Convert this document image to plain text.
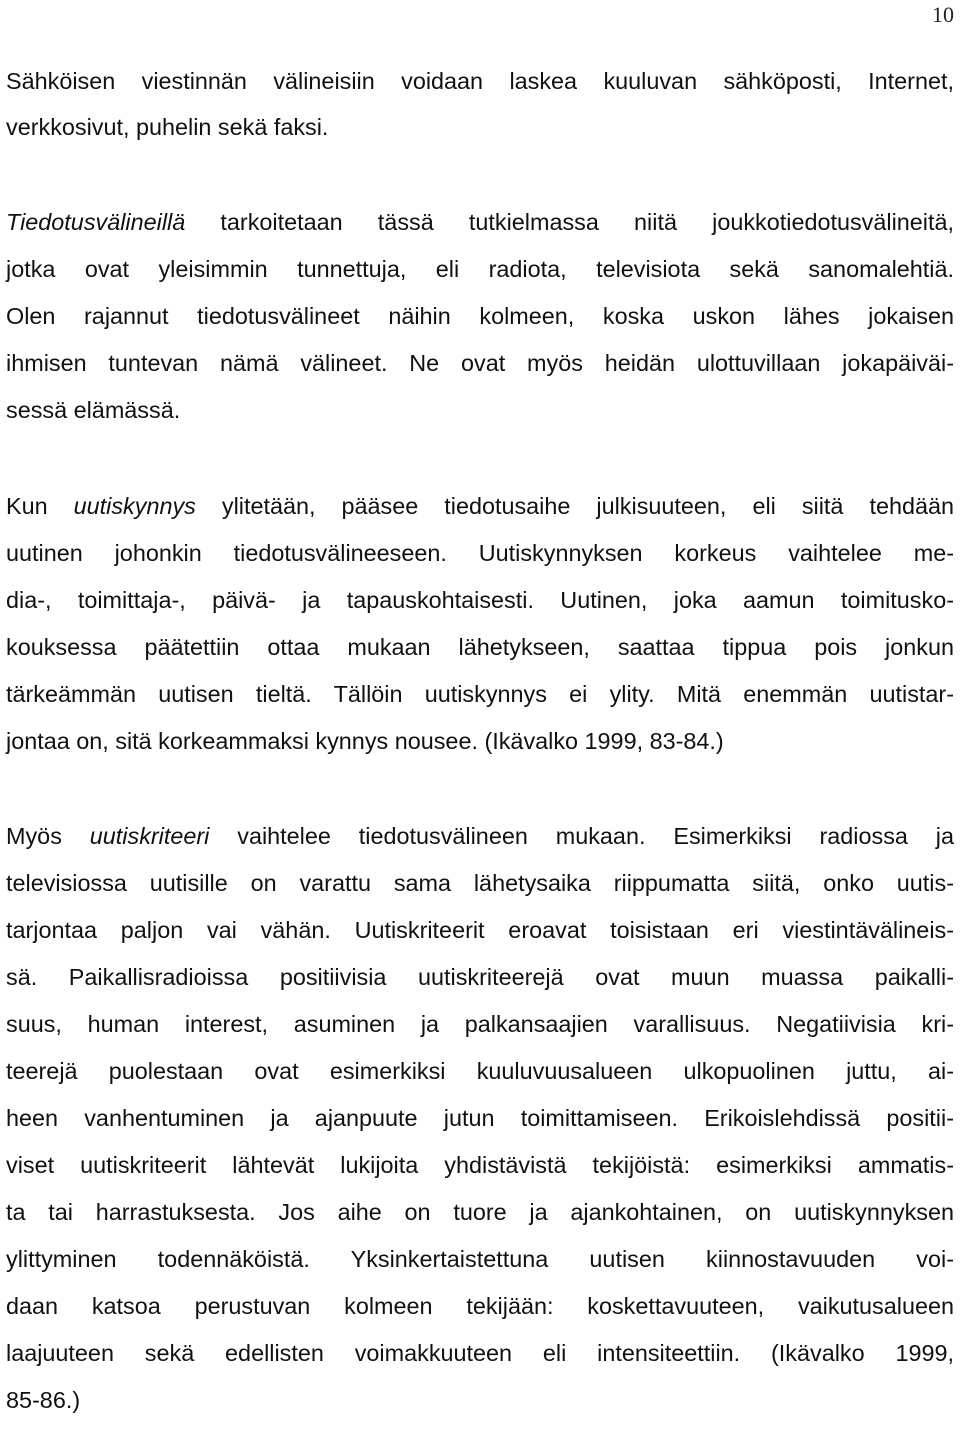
10
Sähköisen viestinnän välineisiin voidaan laskea kuuluvan sähköposti, Internet,
verkkosivut, puhelin sekä faksi.
Tiedotusvälineillä tarkoitetaan tässä tutkielmassa niitä joukkotiedotusvälineitä,
jotka ovat yleisimmin tunnettuja, eli radiota, televisiota sekä sanomalehtiä.
Olen rajannut tiedotusvälineet näihin kolmeen, koska uskon lähes jokaisen
ihmisen tuntevan nämä välineet. Ne ovat myös heidän ulottuvillaan jokapäiväi-
sessä elämässä.
Kun uutiskynnys ylitetään, pääsee tiedotusaihe julkisuuteen, eli siitä tehdään
uutinen johonkin tiedotusvälineeseen. Uutiskynnyksen korkeus vaihtelee me-
dia-, toimittaja-, päivä- ja tapauskohtaisesti. Uutinen, joka aamun toimitusko-
kouksessa päätettiin ottaa mukaan lähetykseen, saattaa tippua pois jonkun
tärkeämmän uutisen tieltä. Tällöin uutiskynnys ei ylity. Mitä enemmän uutistar-
jontaa on, sitä korkeammaksi kynnys nousee. (Ikävalko 1999, 83-84.)
Myös uutiskriteeri vaihtelee tiedotusvälineen mukaan. Esimerkiksi radiossa ja
televisiossa uutisille on varattu sama lähetysaika riippumatta siitä, onko uutis-
tarjontaa paljon vai vähän. Uutiskriteerit eroavat toisistaan eri viestintävälineis-
sä. Paikallisradioissa positiivisia uutiskriteerejä ovat muun muassa paikalli-
suus, human interest, asuminen ja palkansaajien varallisuus. Negatiivisia kri-
teerejä puolestaan ovat esimerkiksi kuuluvuusalueen ulkopuolinen juttu, ai-
heen vanhentuminen ja ajanpuute jutun toimittamiseen. Erikoislehdissä positii-
viset uutiskriteerit lähtevät lukijoita yhdistävistä tekijöistä: esimerkiksi ammatis-
ta tai harrastuksesta. Jos aihe on tuore ja ajankohtainen, on uutiskynnyksen
ylittyminen todennäköistä. Yksinkertaistettuna uutisen kiinnostavuuden voi-
daan katsoa perustuvan kolmeen tekijään: koskettavuuteen, vaikutusalueen
laajuuteen sekä edellisten voimakkuuteen eli intensiteettiin. (Ikävalko 1999,
85-86.)
